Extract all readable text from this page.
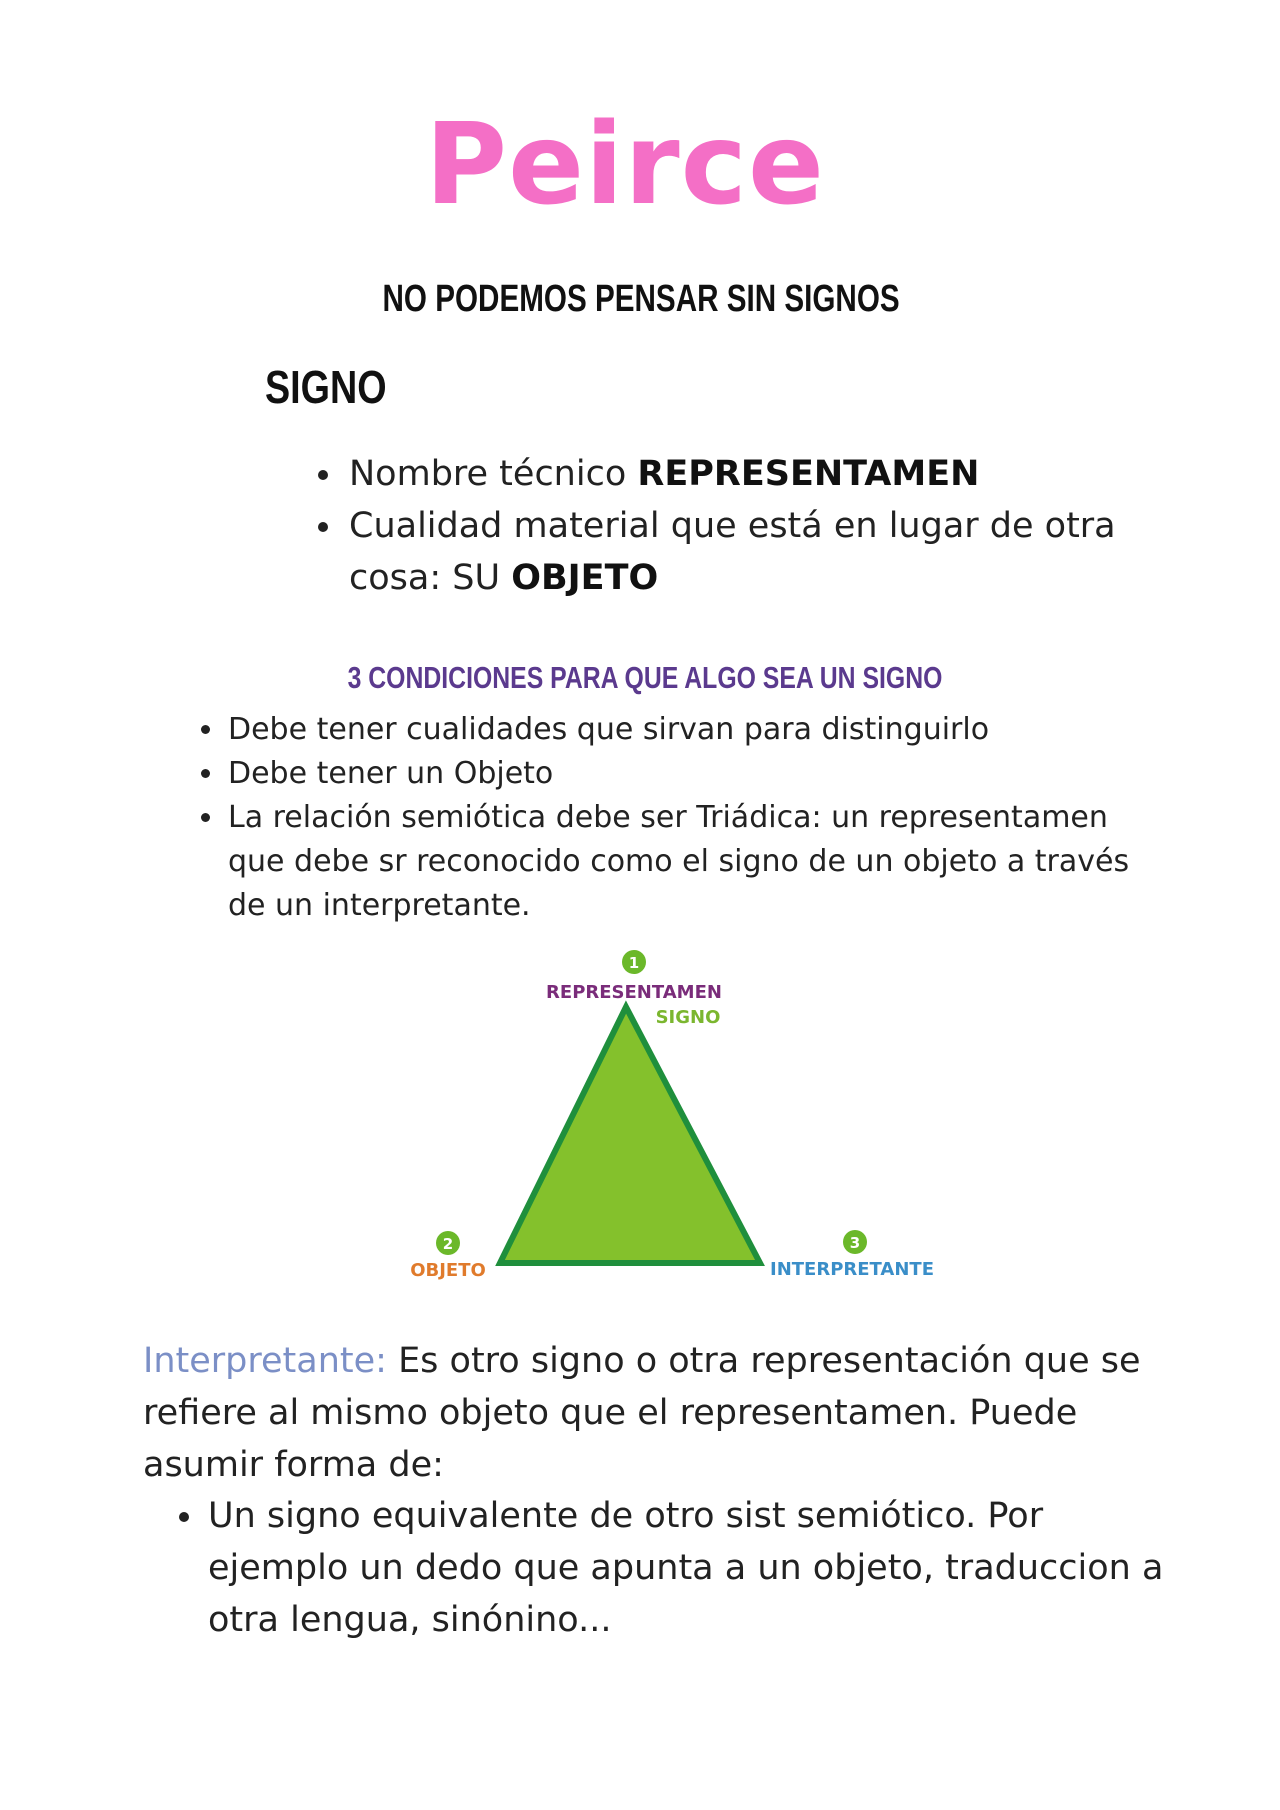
Peirce
NO PODEMOS PENSAR SIN SIGNOS
SIGNO
• Nombre técnico REPRESENTAMEN
• Cualidad material que está en lugar de otra cosa: SU OBJETO
3 CONDICIONES PARA QUE ALGO SEA UN SIGNO
• Debe tener cualidades que sirvan para distinguirlo
• Debe tener un Objeto
• La relación semiótica debe ser Triádica: un representamen que debe sr reconocido como el signo de un objeto a través de un interpretante.
1
REPRESENTAMEN
SIGNO
2
OBJETO
3
INTERPRETANTE

Interpretante: Es otro signo o otra representación que se refiere al mismo objeto que el representamen. Puede asumir forma de:

• Un signo equivalente de otro sist semiótico. Por ejemplo un dedo que apunta a un objeto, traduccion a otra lengua, sinónino...
